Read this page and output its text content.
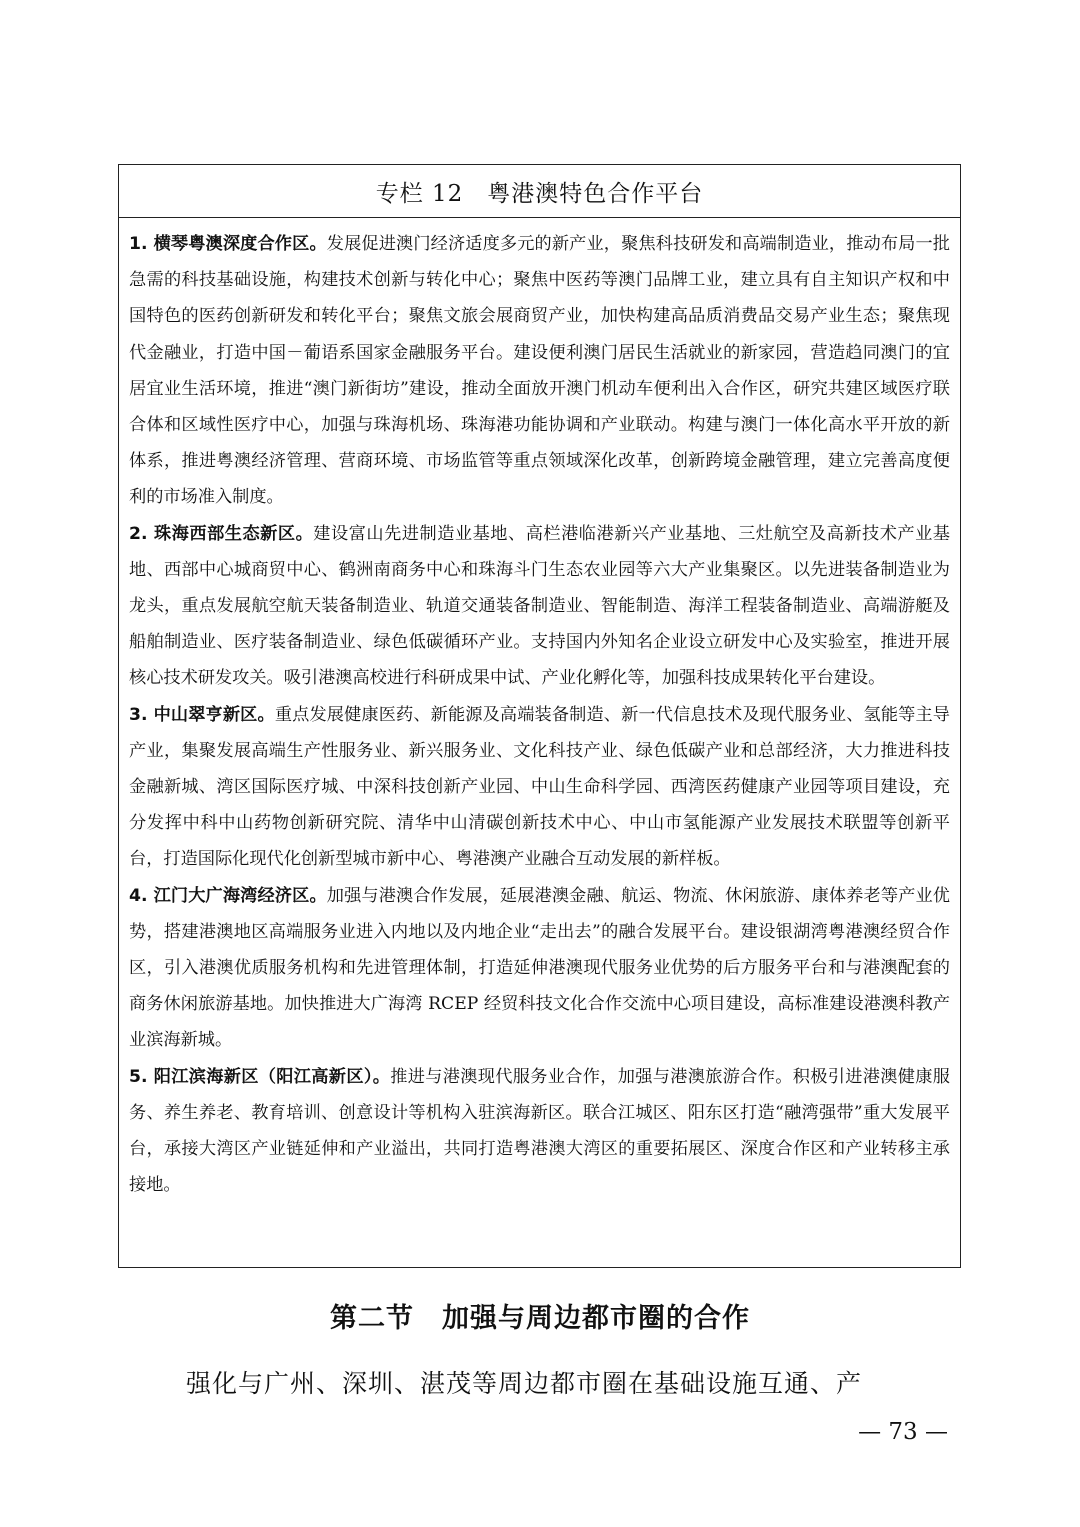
专栏 12　粤港澳特色合作平台

1. 横琴粤澳深度合作区。发展促进澳门经济适度多元的新产业，聚焦科技研发和高端制造业，推动布局一批急需的科技基础设施，构建技术创新与转化中心；聚焦中医药等澳门品牌工业，建立具有自主知识产权和中国特色的医药创新研发和转化平台；聚焦文旅会展商贸产业，加快构建高品质消费品交易产业生态；聚焦现代金融业，打造中国－葡语系国家金融服务平台。建设便利澳门居民生活就业的新家园，营造趋同澳门的宜居宜业生活环境，推进“澳门新街坊”建设，推动全面放开澳门机动车便利出入合作区，研究共建区域医疗联合体和区域性医疗中心，加强与珠海机场、珠海港功能协调和产业联动。构建与澳门一体化高水平开放的新体系，推进粤澳经济管理、营商环境、市场监管等重点领域深化改革，创新跨境金融管理，建立完善高度便利的市场准入制度。

2. 珠海西部生态新区。建设富山先进制造业基地、高栏港临港新兴产业基地、三灶航空及高新技术产业基地、西部中心城商贸中心、鹤洲南商务中心和珠海斗门生态农业园等六大产业集聚区。以先进装备制造业为龙头，重点发展航空航天装备制造业、轨道交通装备制造业、智能制造、海洋工程装备制造业、高端游艇及船舶制造业、医疗装备制造业、绿色低碳循环产业。支持国内外知名企业设立研发中心及实验室，推进开展核心技术研发攻关。吸引港澳高校进行科研成果中试、产业化孵化等，加强科技成果转化平台建设。

3. 中山翠亨新区。重点发展健康医药、新能源及高端装备制造、新一代信息技术及现代服务业、氢能等主导产业，集聚发展高端生产性服务业、新兴服务业、文化科技产业、绿色低碳产业和总部经济，大力推进科技金融新城、湾区国际医疗城、中深科技创新产业园、中山生命科学园、西湾医药健康产业园等项目建设，充分发挥中科中山药物创新研究院、清华中山清碳创新技术中心、中山市氢能源产业发展技术联盟等创新平台，打造国际化现代化创新型城市新中心、粤港澳产业融合互动发展的新样板。

4. 江门大广海湾经济区。加强与港澳合作发展，延展港澳金融、航运、物流、休闲旅游、康体养老等产业优势，搭建港澳地区高端服务业进入内地以及内地企业“走出去”的融合发展平台。建设银湖湾粤港澳经贸合作区，引入港澳优质服务机构和先进管理体制，打造延伸港澳现代服务业优势的后方服务平台和与港澳配套的商务休闲旅游基地。加快推进大广海湾 RCEP 经贸科技文化合作交流中心项目建设，高标准建设港澳科教产业滨海新城。

5. 阳江滨海新区（阳江高新区）。推进与港澳现代服务业合作，加强与港澳旅游合作。积极引进港澳健康服务、养生养老、教育培训、创意设计等机构入驻滨海新区。联合江城区、阳东区打造“融湾强带”重大发展平台，承接大湾区产业链延伸和产业溢出，共同打造粤港澳大湾区的重要拓展区、深度合作区和产业转移主承接地。

第二节　加强与周边都市圈的合作
强化与广州、深圳、湛茂等周边都市圈在基础设施互通、产
— 73 —
